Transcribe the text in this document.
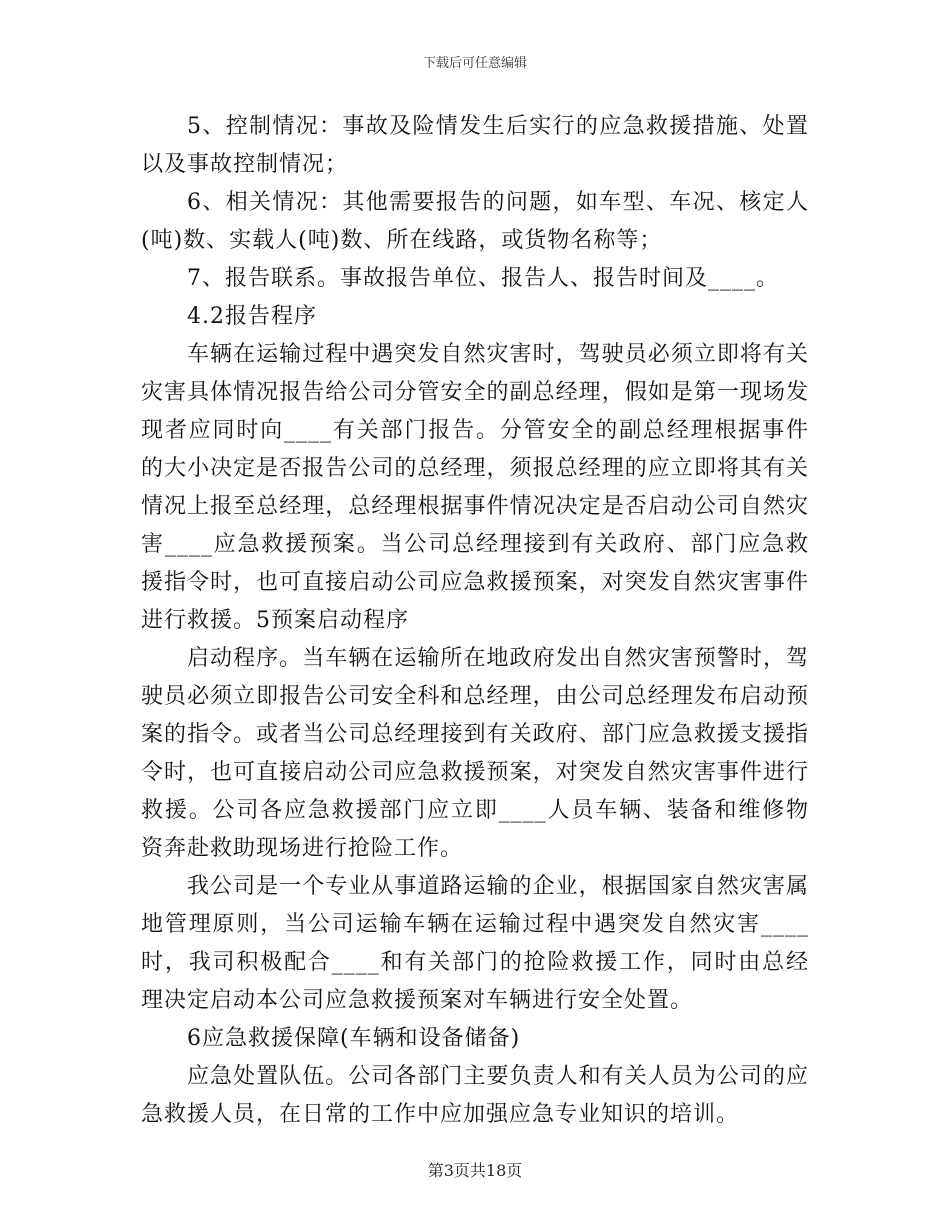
下载后可任意编辑

5、控制情况：事故及险情发生后实行的应急救援措施、处置以及事故控制情况；

6、相关情况：其他需要报告的问题，如车型、车况、核定人(吨)数、实载人(吨)数、所在线路，或货物名称等；

7、报告联系。事故报告单位、报告人、报告时间及____。

4.2报告程序

车辆在运输过程中遇突发自然灾害时，驾驶员必须立即将有关灾害具体情况报告给公司分管安全的副总经理，假如是第一现场发现者应同时向____有关部门报告。分管安全的副总经理根据事件的大小决定是否报告公司的总经理，须报总经理的应立即将其有关情况上报至总经理，总经理根据事件情况决定是否启动公司自然灾害____应急救援预案。当公司总经理接到有关政府、部门应急救援指令时，也可直接启动公司应急救援预案，对突发自然灾害事件进行救援。5预案启动程序

启动程序。当车辆在运输所在地政府发出自然灾害预警时，驾驶员必须立即报告公司安全科和总经理，由公司总经理发布启动预案的指令。或者当公司总经理接到有关政府、部门应急救援支援指令时，也可直接启动公司应急救援预案，对突发自然灾害事件进行救援。公司各应急救援部门应立即____人员车辆、装备和维修物资奔赴救助现场进行抢险工作。

我公司是一个专业从事道路运输的企业，根据国家自然灾害属地管理原则，当公司运输车辆在运输过程中遇突发自然灾害____时，我司积极配合____和有关部门的抢险救援工作，同时由总经理决定启动本公司应急救援预案对车辆进行安全处置。

6应急救援保障(车辆和设备储备)

应急处置队伍。公司各部门主要负责人和有关人员为公司的应急救援人员，在日常的工作中应加强应急专业知识的培训。

第3页共18页
